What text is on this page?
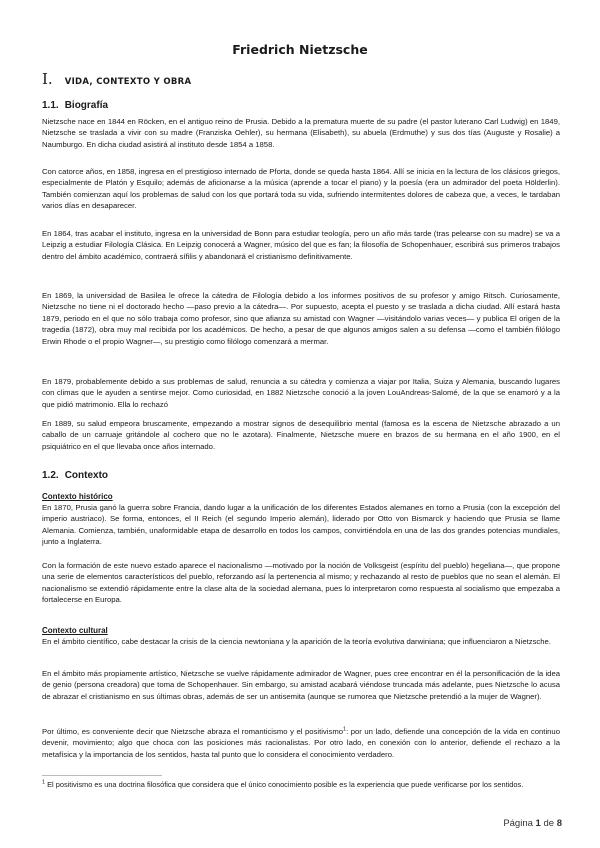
Friedrich Nietzsche
I. VIDA, CONTEXTO Y OBRA
1.1. Biografía

Nietzsche nace en 1844 en Röcken, en el antiguo reino de Prusia. Debido a la prematura muerte de su padre (el pastor luterano Carl Ludwig) en 1849, Nietzsche se traslada a vivir con su madre (Franziska Oehler), su hermana (Elisabeth), su abuela (Erdmuthe) y sus dos tías (Auguste y Rosalie) a Naumburgo. En dicha ciudad asistirá al instituto desde 1854 a 1858.

Con catorce años, en 1858, ingresa en el prestigioso internado de Pforta, donde se queda hasta 1864. Allí se inicia en la lectura de los clásicos griegos, especialmente de Platón y Esquilo; además de aficionarse a la música (aprende a tocar el piano) y la poesía (era un admirador del poeta Hölderlin). También comienzan aquí los problemas de salud con los que portará toda su vida, sufriendo intermitentes dolores de cabeza que, a veces, le tardaban varios días en desaparecer.

En 1864, tras acabar el instituto, ingresa en la universidad de Bonn para estudiar teología, pero un año más tarde (tras pelearse con su madre) se va a Leipzig a estudiar Filología Clásica. En Leipzig conocerá a Wagner, músico del que es fan; la filosofía de Schopenhauer, escribirá sus primeros trabajos dentro del ámbito académico, contraerá sífilis y abandonará el cristianismo definitivamente.

En 1869, la universidad de Basilea le ofrece la cátedra de Filología debido a los informes positivos de su profesor y amigo Ritsch. Curiosamente, Nietzsche no tiene ni el doctorado hecho —paso previo a la cátedra—. Por supuesto, acepta el puesto y se traslada a dicha ciudad. Allí estará hasta 1879, periodo en el que no sólo trabaja como profesor, sino que afianza su amistad con Wagner —visitándolo varias veces— y publica El origen de la tragedia (1872), obra muy mal recibida por los académicos. De hecho, a pesar de que algunos amigos salen a su defensa —como el también filólogo Erwin Rhode o el propio Wagner—, su prestigio como filólogo comenzará a mermar.

En 1879, probablemente debido a sus problemas de salud, renuncia a su cátedra y comienza a viajar por Italia, Suiza y Alemania, buscando lugares con climas que le ayuden a sentirse mejor. Como curiosidad, en 1882 Nietzsche conoció a la joven LouAndreas-Salomé, de la que se enamoró y a la que pidió matrimonio. Ella lo rechazó

En 1889, su salud empeora bruscamente, empezando a mostrar signos de desequilibrio mental (famosa es la escena de Nietzsche abrazado a un caballo de un carruaje gritándole al cochero que no le azotara). Finalmente, Nietzsche muere en brazos de su hermana en el año 1900, en el psiquiátrico en el que llevaba once años internado.

1.2. Contexto
Contexto histórico

En 1870, Prusia ganó la guerra sobre Francia, dando lugar a la unificación de los diferentes Estados alemanes en torno a Prusia (con la excepción del imperio austriaco). Se forma, entonces, el II Reich (el segundo Imperio alemán), liderado por Otto von Bismarck y haciendo que Prusia se llame Alemania. Comienza, también, unaformidable etapa de desarrollo en todos los campos, convirtiéndola en una de las dos grandes potencias mundiales, junto a Inglaterra.

Con la formación de este nuevo estado aparece el nacionalismo —motivado por la noción de Volksgeist (espíritu del pueblo) hegeliana—, que propone una serie de elementos característicos del pueblo, reforzando así la pertenencia al mismo; y rechazando al resto de pueblos que no sean el alemán. El nacionalismo se extendió rápidamente entre la clase alta de la sociedad alemana, pues lo interpretaron como respuesta al socialismo que empezaba a fortalecerse en Europa.

Contexto cultural

En el ámbito científico, cabe destacar la crisis de la ciencia newtoniana y la aparición de la teoría evolutiva darwiniana; que influenciaron a Nietzsche.

En el ámbito más propiamente artístico, Nietzsche se vuelve rápidamente admirador de Wagner, pues cree encontrar en él la personificación de la idea de genio (persona creadora) que toma de Schopenhauer. Sin embargo, su amistad acabará viéndose truncada más adelante, pues Nietzsche lo acusa de abrazar el cristianismo en sus últimas obras, además de ser un antisemita (aunque se rumorea que Nietzsche pretendió a la mujer de Wagner).

Por último, es conveniente decir que Nietzsche abraza el romanticismo y el positivismo$^1$: por un lado, defiende una concepción de la vida en continuo devenir, movimiento; algo que choca con las posiciones más racionalistas. Por otro lado, en conexión con lo anterior, defiende el rechazo a la metafísica y la importancia de los sentidos, hasta tal punto que lo considera el conocimiento verdadero.

$^1$ El positivismo es una doctrina filosófica que considera que el único conocimiento posible es la experiencia que puede verificarse por los sentidos.

Página 1 de 8
